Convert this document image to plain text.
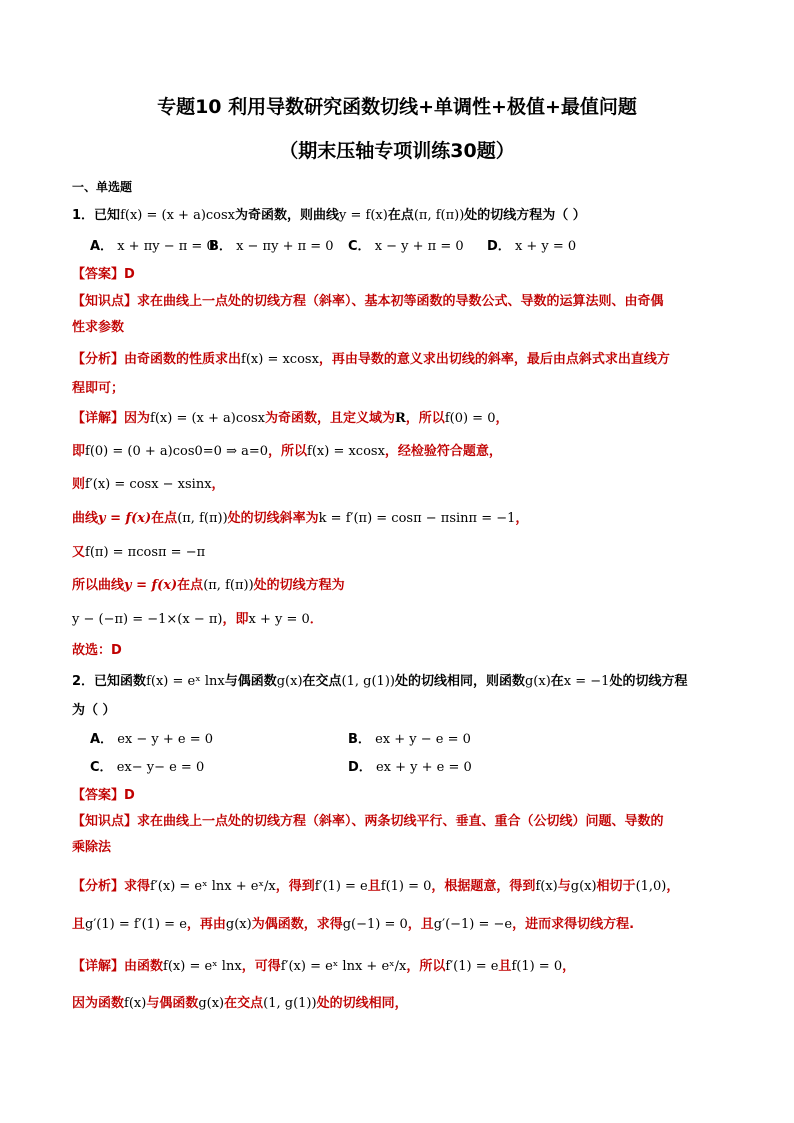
专题10 利用导数研究函数切线+单调性+极值+最值问题
（期末压轴专项训练30题）
一、单选题
1．已知f(x) = (x + a)cosx为奇函数，则曲线y = f(x)在点(π, f(π))处的切线方程为（ ）
A． x + πy − π = 0
B． x − πy + π = 0 C． x − y + π = 0 D． x + y = 0
【答案】D
【知识点】求在曲线上一点处的切线方程（斜率）、基本初等函数的导数公式、导数的运算法则、由奇偶
性求参数
【分析】由奇函数的性质求出f(x) = xcosx，再由导数的意义求出切线的斜率，最后由点斜式求出直线方
程即可；
【详解】因为f(x) = (x + a)cosx为奇函数，且定义域为R，所以f(0) = 0，
即f(0) = (0 + a)cos0=0 ⇒ a=0，所以f(x) = xcosx，经检验符合题意，
则f′(x) = cosx − xsinx，
曲线y = f(x)在点(π, f(π))处的切线斜率为k = f′(π) = cosπ − πsinπ = −1，
又f(π) = πcosπ = −π
所以曲线y = f(x)在点(π, f(π))处的切线方程为
y − (−π) = −1×(x − π)，即x + y = 0．
故选：D
2．已知函数f(x) = eˣ lnx与偶函数g(x)在交点(1, g(1))处的切线相同，则函数g(x)在x = −1处的切线方程
为（ ）
A． ex − y + e = 0	B． ex + y − e = 0
C． ex− y− e = 0	D． ex + y + e = 0
【答案】D
【知识点】求在曲线上一点处的切线方程（斜率）、两条切线平行、垂直、重合（公切线）问题、导数的
乘除法
【分析】求得f′(x) = eˣ lnx + eˣ/x，得到f′(1) = e且f(1) = 0，根据题意，得到f(x)与g(x)相切于(1,0)，
且g′(1) = f′(1) = e，再由g(x)为偶函数，求得g(−1) = 0，且g′(−1) = −e，进而求得切线方程.
【详解】由函数f(x) = eˣ lnx，可得f′(x) = eˣ lnx + eˣ/x，所以f′(1) = e且f(1) = 0，
因为函数f(x)与偶函数g(x)在交点(1, g(1))处的切线相同，
